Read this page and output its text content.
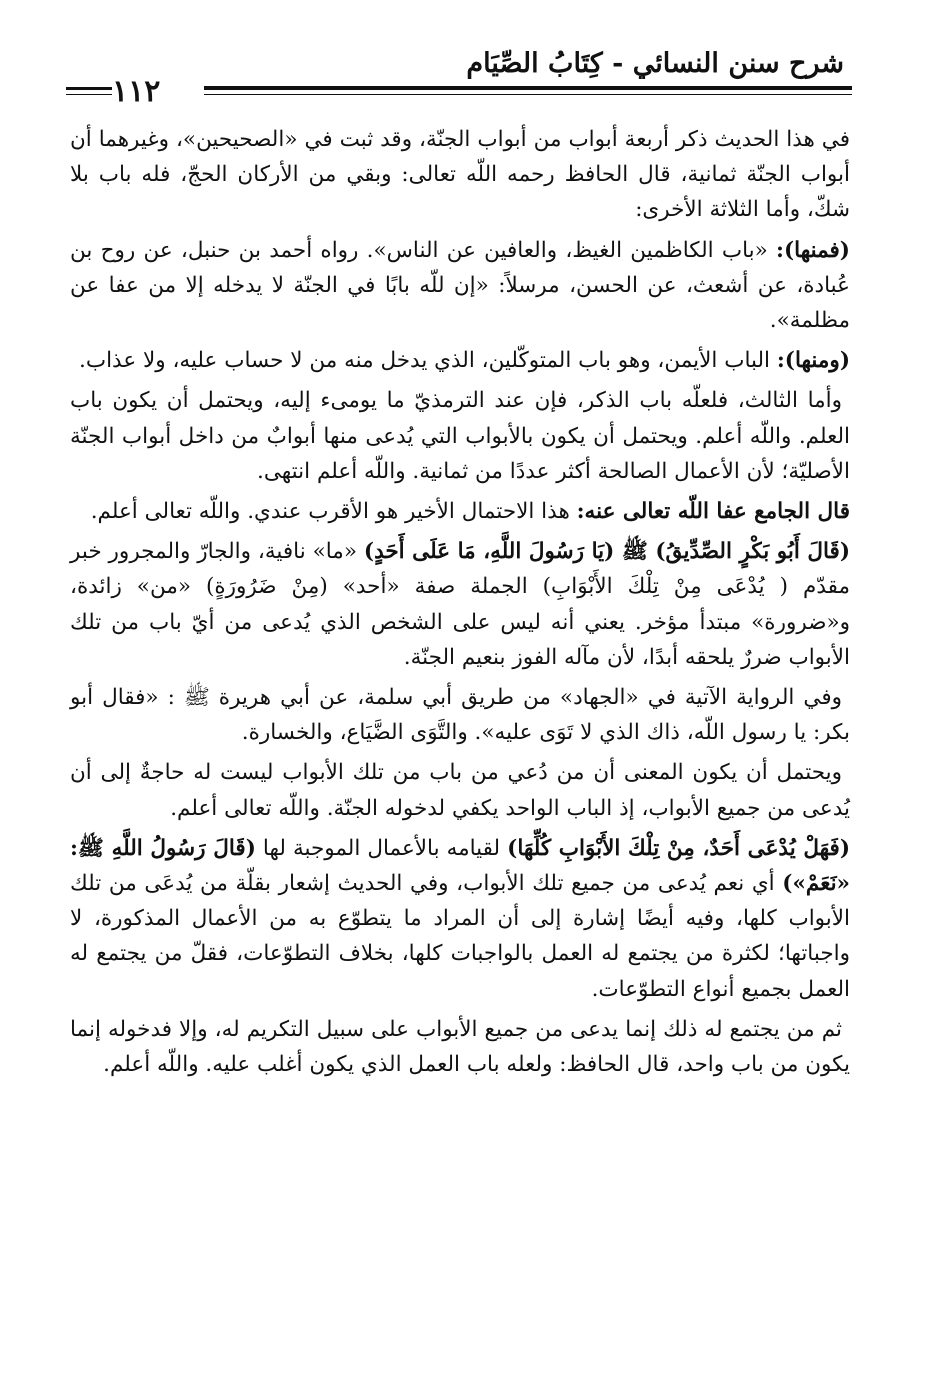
شرح سنن النسائي - كِتَابُ الصِّيَام
١١٢

في هذا الحديث ذكر أربعة أبواب من أبواب الجنّة، وقد ثبت في «الصحيحين»، وغيرهما أن أبواب الجنّة ثمانية، قال الحافظ رحمه اللّه تعالى: وبقي من الأركان الحجّ، فله باب بلا شكّ، وأما الثلاثة الأخرى:

(فمنها): «باب الكاظمين الغيظ، والعافين عن الناس». رواه أحمد بن حنبل، عن روح بن عُبادة، عن أشعث، عن الحسن، مرسلاً: «إن للّه بابًا في الجنّة لا يدخله إلا من عفا عن مظلمة».

(ومنها): الباب الأيمن، وهو باب المتوكّلين، الذي يدخل منه من لا حساب عليه، ولا عذاب.

وأما الثالث، فلعلّه باب الذكر، فإن عند الترمذيّ ما يومىء إليه، ويحتمل أن يكون باب العلم. واللّه أعلم. ويحتمل أن يكون بالأبواب التي يُدعى منها أبوابٌ من داخل أبواب الجنّة الأصليّة؛ لأن الأعمال الصالحة أكثر عددًا من ثمانية. واللّه أعلم انتهى.

قال الجامع عفا اللّه تعالى عنه: هذا الاحتمال الأخير هو الأقرب عندي. واللّه تعالى أعلم.

(قَالَ أَبُو بَكْرٍ الصِّدِّيقُ) ﷺ (يَا رَسُولَ اللَّهِ، مَا عَلَى أَحَدٍ) «ما» نافية، والجارّ والمجرور خبر مقدّم ( يُدْعَى مِنْ تِلْكَ الأَبْوَابِ) الجملة صفة «أحد» (مِنْ ضَرُورَةٍ) «من» زائدة، و«ضرورة» مبتدأ مؤخر. يعني أنه ليس على الشخص الذي يُدعى من أيّ باب من تلك الأبواب ضررٌ يلحقه أبدًا، لأن مآله الفوز بنعيم الجنّة.

وفي الرواية الآتية في «الجهاد» من طريق أبي سلمة، عن أبي هريرة ﷺ : «فقال أبو بكر: يا رسول اللّه، ذاك الذي لا تَوَى عليه». والتَّوَى الضَّيَاع، والخسارة.

ويحتمل أن يكون المعنى أن من دُعي من باب من تلك الأبواب ليست له حاجةٌ إلى أن يُدعى من جميع الأبواب، إذ الباب الواحد يكفي لدخوله الجنّة. واللّه تعالى أعلم.

(فَهَلْ يُدْعَى أَحَدٌ، مِنْ تِلْكَ الأَبْوَابِ كُلِّهَا) لقيامه بالأعمال الموجبة لها (قَالَ رَسُولُ اللَّهِ ﷺ: «نَعَمْ») أي نعم يُدعى من جميع تلك الأبواب، وفي الحديث إشعار بقلّة من يُدعَى من تلك الأبواب كلها، وفيه أيضًا إشارة إلى أن المراد ما يتطوّع به من الأعمال المذكورة، لا واجباتها؛ لكثرة من يجتمع له العمل بالواجبات كلها، بخلاف التطوّعات، فقلّ من يجتمع له العمل بجميع أنواع التطوّعات.

ثم من يجتمع له ذلك إنما يدعى من جميع الأبواب على سبيل التكريم له، وإلا فدخوله إنما يكون من باب واحد، قال الحافظ: ولعله باب العمل الذي يكون أغلب عليه. واللّه أعلم.
